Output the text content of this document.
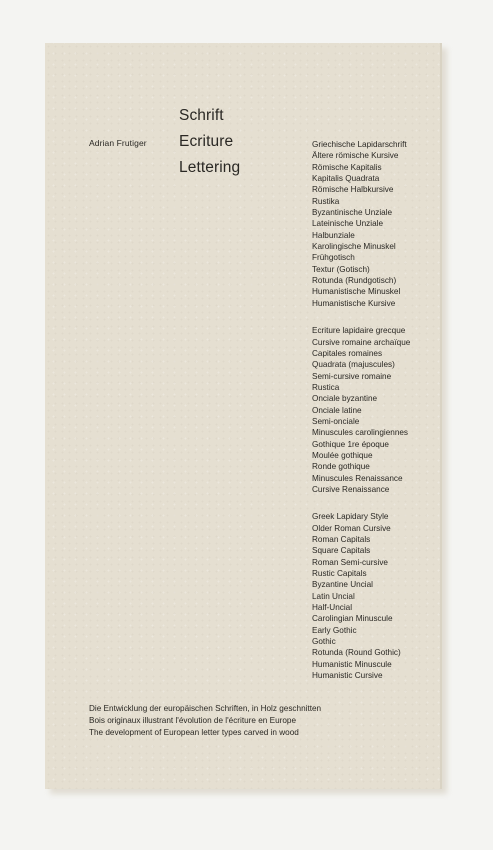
Adrian Frutiger

Schrift
Ecriture
Lettering
Griechische Lapidarschrift
Ältere römische Kursive
Römische Kapitalis
Kapitalis Quadrata
Römische Halbkursive
Rustika
Byzantinische Unziale
Lateinische Unziale
Halbunziale
Karolingische Minuskel
Frühgotisch
Textur (Gotisch)
Rotunda (Rundgotisch)
Humanistische Minuskel
Humanistische Kursive
Ecriture lapidaire grecque
Cursive romaine archaïque
Capitales romaines
Quadrata (majuscules)
Semi-cursive romaine
Rustica
Onciale byzantine
Onciale latine
Semi-onciale
Minuscules carolingiennes
Gothique 1re époque
Moulée gothique
Ronde gothique
Minuscules Renaissance
Cursive Renaissance
Greek Lapidary Style
Older Roman Cursive
Roman Capitals
Square Capitals
Roman Semi-cursive
Rustic Capitals
Byzantine Uncial
Latin Uncial
Half-Uncial
Carolingian Minuscule
Early Gothic
Gothic
Rotunda (Round Gothic)
Humanistic Minuscule
Humanistic Cursive

Die Entwicklung der europäischen Schriften, in Holz geschnitten

Bois originaux illustrant l'évolution de l'écriture en Europe

The development of European letter types carved in wood
